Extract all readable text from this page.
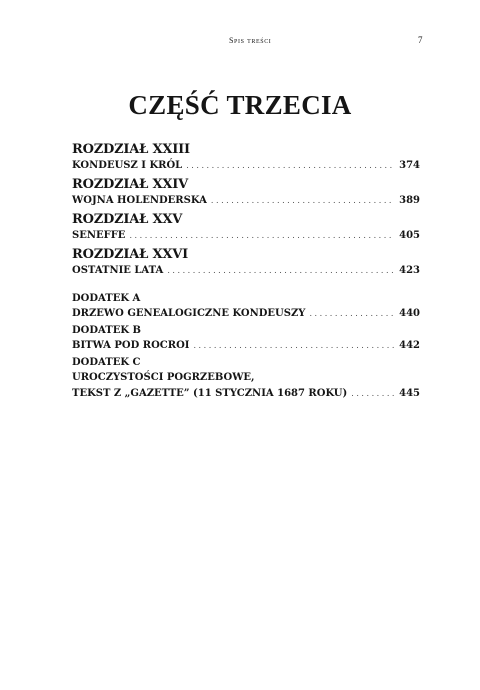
Spis treści	7
CZĘŚĆ TRZECIA
ROZDZIAŁ XXIII
KONDEUSZ I KRÓL . . .	374
ROZDZIAŁ XXIV
WOJNA HOLENDERSKA . . .	389
ROZDZIAŁ XXV
SENEFFE . . .	405
ROZDZIAŁ XXVI
OSTATNIE LATA . . .	423
DODATEK A
DRZEWO GENEALOGICZNE KONDEUSZY . . .	440
DODATEK B
BITWA POD ROCROI . . .	442
DODATEK C
UROCZYSTOŚCI POGRZEBOWE,
TEKST Z „GAZETTE” (11 STYCZNIA 1687 ROKU) . . .	445
